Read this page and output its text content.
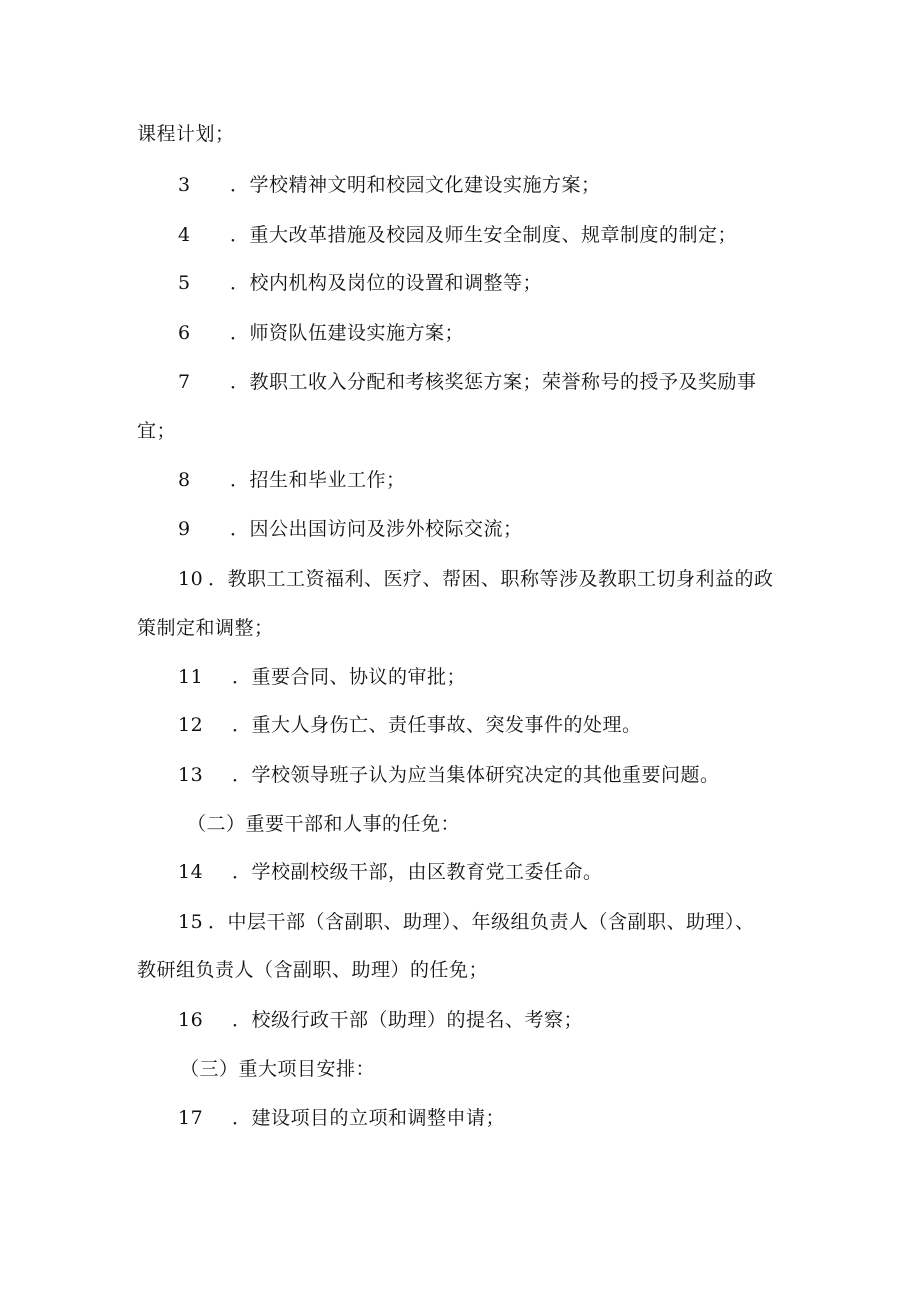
课程计划；
3 ．学校精神文明和校园文化建设实施方案；
4 ．重大改革措施及校园及师生安全制度、规章制度的制定；
5 ．校内机构及岗位的设置和调整等；
6 ．师资队伍建设实施方案；
7 ．教职工收入分配和考核奖惩方案；荣誉称号的授予及奖励事
宜；
8 ．招生和毕业工作；
9 ．因公出国访问及涉外校际交流；
10 ．教职工工资福利、医疗、帮困、职称等涉及教职工切身利益的政
策制定和调整；
11 ．重要合同、协议的审批；
12 ．重大人身伤亡、责任事故、突发事件的处理。
13 ．学校领导班子认为应当集体研究决定的其他重要问题。
（二）重要干部和人事的任免：
14 ．学校副校级干部，由区教育党工委任命。
15 ．中层干部（含副职、助理）、年级组负责人（含副职、助理）、
教研组负责人（含副职、助理）的任免；
16 ．校级行政干部（助理）的提名、考察；
（三）重大项目安排：
17 ．建设项目的立项和调整申请；
